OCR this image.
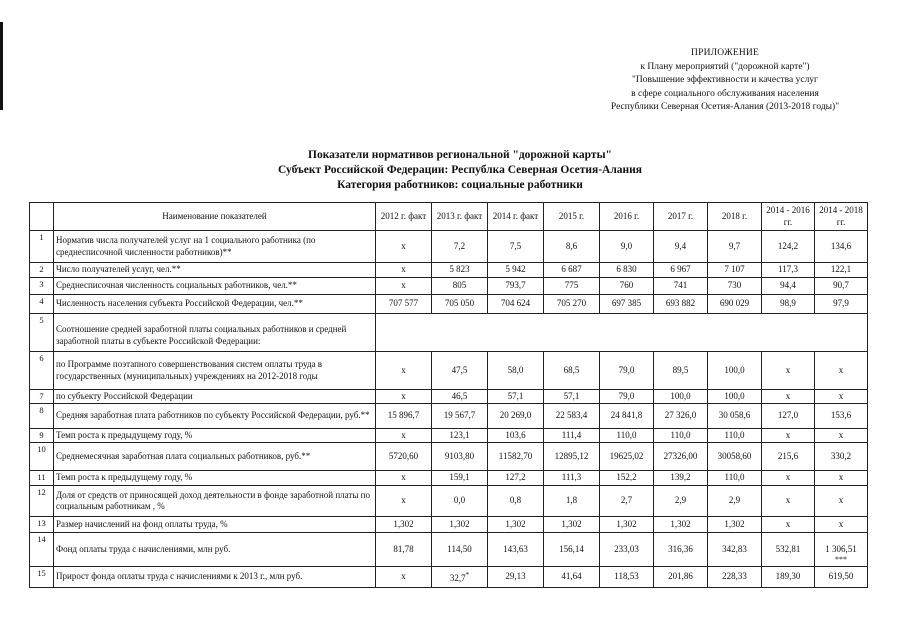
ПРИЛОЖЕНИЕ
к Плану мероприятий ("дорожной карте")
"Повышение эффективности и качества услуг
в сфере социального обслуживания населения
Республики Северная Осетия-Алания (2013-2018 годы)"
Показатели нормативов региональной "дорожной карты"
Субъект Российской Федерации: Республка Северная Осетия-Алания
Категория работников: социальные работники
	Наименование показателей	2012 г. факт	2013 г. факт	2014 г. факт	2015 г.	2016 г.	2017 г.	2018 г.	2014 - 2016 гг.	2014 - 2018 гг.
1	Норматив числа получателей услуг на 1 социального работника (по среднесписочной численности работников)**	х	7,2	7,5	8,6	9,0	9,4	9,7	124,2	134,6
2	Число получателей услуг, чел.**	х	5 823	5 942	6 687	6 830	6 967	7 107	117,3	122,1
3	Среднесписочная численность социальных работников, чел.**	х	805	793,7	775	760	741	730	94,4	90,7
4	Численность населения субъекта Российской Федерации, чел.**	707 577	705 050	704 624	705 270	697 385	693 882	690 029	98,9	97,9
5	Соотношение средней заработной платы социальных работников и средней заработной платы в субъекте Российской Федерации:									
6	по Программе поэтапного совершенствования систем оплаты труда в государственных (муниципальных) учреждениях на 2012-2018 годы	х	47,5	58,0	68,5	79,0	89,5	100,0	х	х
7	по субъекту Российской Федерации	х	46,5	57,1	57,1	79,0	100,0	100,0	х	х
8	Средняя заработная плата работников по субъекту Российской Федерации, руб.**	15 896,7	19 567,7	20 269,0	22 583,4	24 841,8	27 326,0	30 058,6	127,0	153,6
9	Темп роста к предыдущему году, %	х	123,1	103,6	111,4	110,0	110,0	110,0	х	х
10	Среднемесячная заработная плата социальных работников, руб.**	5720,60	9103,80	11582,70	12895,12	19625,02	27326,00	30058,60	215,6	330,2
11	Темп роста к предыдущему году, %	х	159,1	127,2	111,3	152,2	139,2	110,0	х	х
12	Доля от средств от приносящей доход деятельности в фонде заработной платы по социальным работникам , %	х	0,0	0,8	1,8	2,7	2,9	2,9	х	х
13	Размер начислений на фонд оплаты труда, %	1,302	1,302	1,302	1,302	1,302	1,302	1,302	х	х
14	Фонд оплаты труда с начислениями, млн руб.	81,78	114,50	143,63	156,14	233,03	316,36	342,83	532,81	1 306,51
***

15	Прирост фонда оплаты труда с начислениями к 2013 г., млн руб.	х	32,7*	29,13	41,64	118,53	201,86	228,33	189,30	619,50
